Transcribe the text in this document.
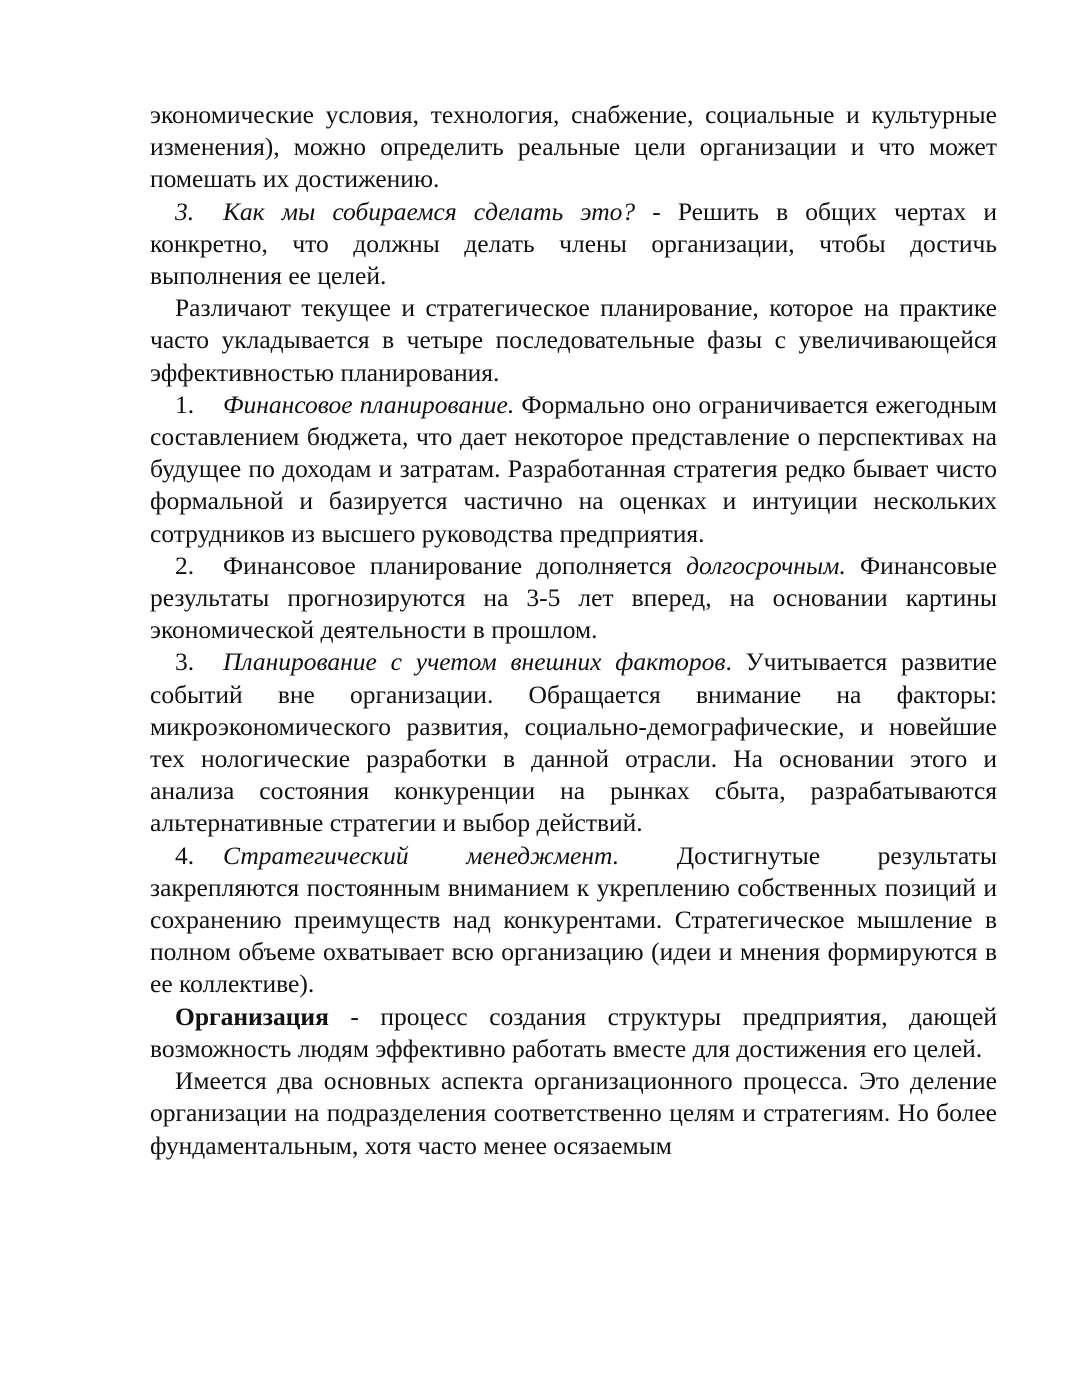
экономические условия, технология, снабжение, социальные и культурные изменения), можно определить реальные цели организации и что может помешать их достижению.

3. Как мы собираемся сделать это? - Решить в общих чертах и конкретно, что должны делать члены организации, чтобы достичь выполнения ее целей.

Различают текущее и стратегическое планирование, которое на практике часто укладывается в четыре последовательные фазы с увеличивающейся эффективностью планирования.

1. Финансовое планирование. Формально оно ограничивается ежегодным составлением бюджета, что дает некоторое представление о перспективах на будущее по доходам и затратам. Разработанная стратегия редко бывает чисто формальной и базируется частично на оценках и интуиции нескольких сотрудников из высшего руководства предприятия.

2. Финансовое планирование дополняется долгосрочным. Финансовые результаты прогнозируются на 3-5 лет вперед, на основании картины экономической деятельности в прошлом.

3. Планирование с учетом внешних факторов. Учитывается развитие событий вне организации. Обращается внимание на факторы: микроэкономического развития, социально-демографические, и новейшие тех нологические разработки в данной отрасли. На основании этого и анализа состояния конкуренции на рынках сбыта, разрабатываются альтернативные стратегии и выбор действий.

4. Стратегический менеджмент. Достигнутые результаты закрепляются постоянным вниманием к укреплению собственных позиций и сохранению преимуществ над конкурентами. Стратегическое мышление в полном объеме охватывает всю организацию (идеи и мнения формируются в ее коллективе).

Организация - процесс создания структуры предприятия, дающей возможность людям эффективно работать вместе для достижения его целей.

Имеется два основных аспекта организационного процесса. Это деление организации на подразделения соответственно целям и стратегиям. Но более фундаментальным, хотя часто менее осязаемым
